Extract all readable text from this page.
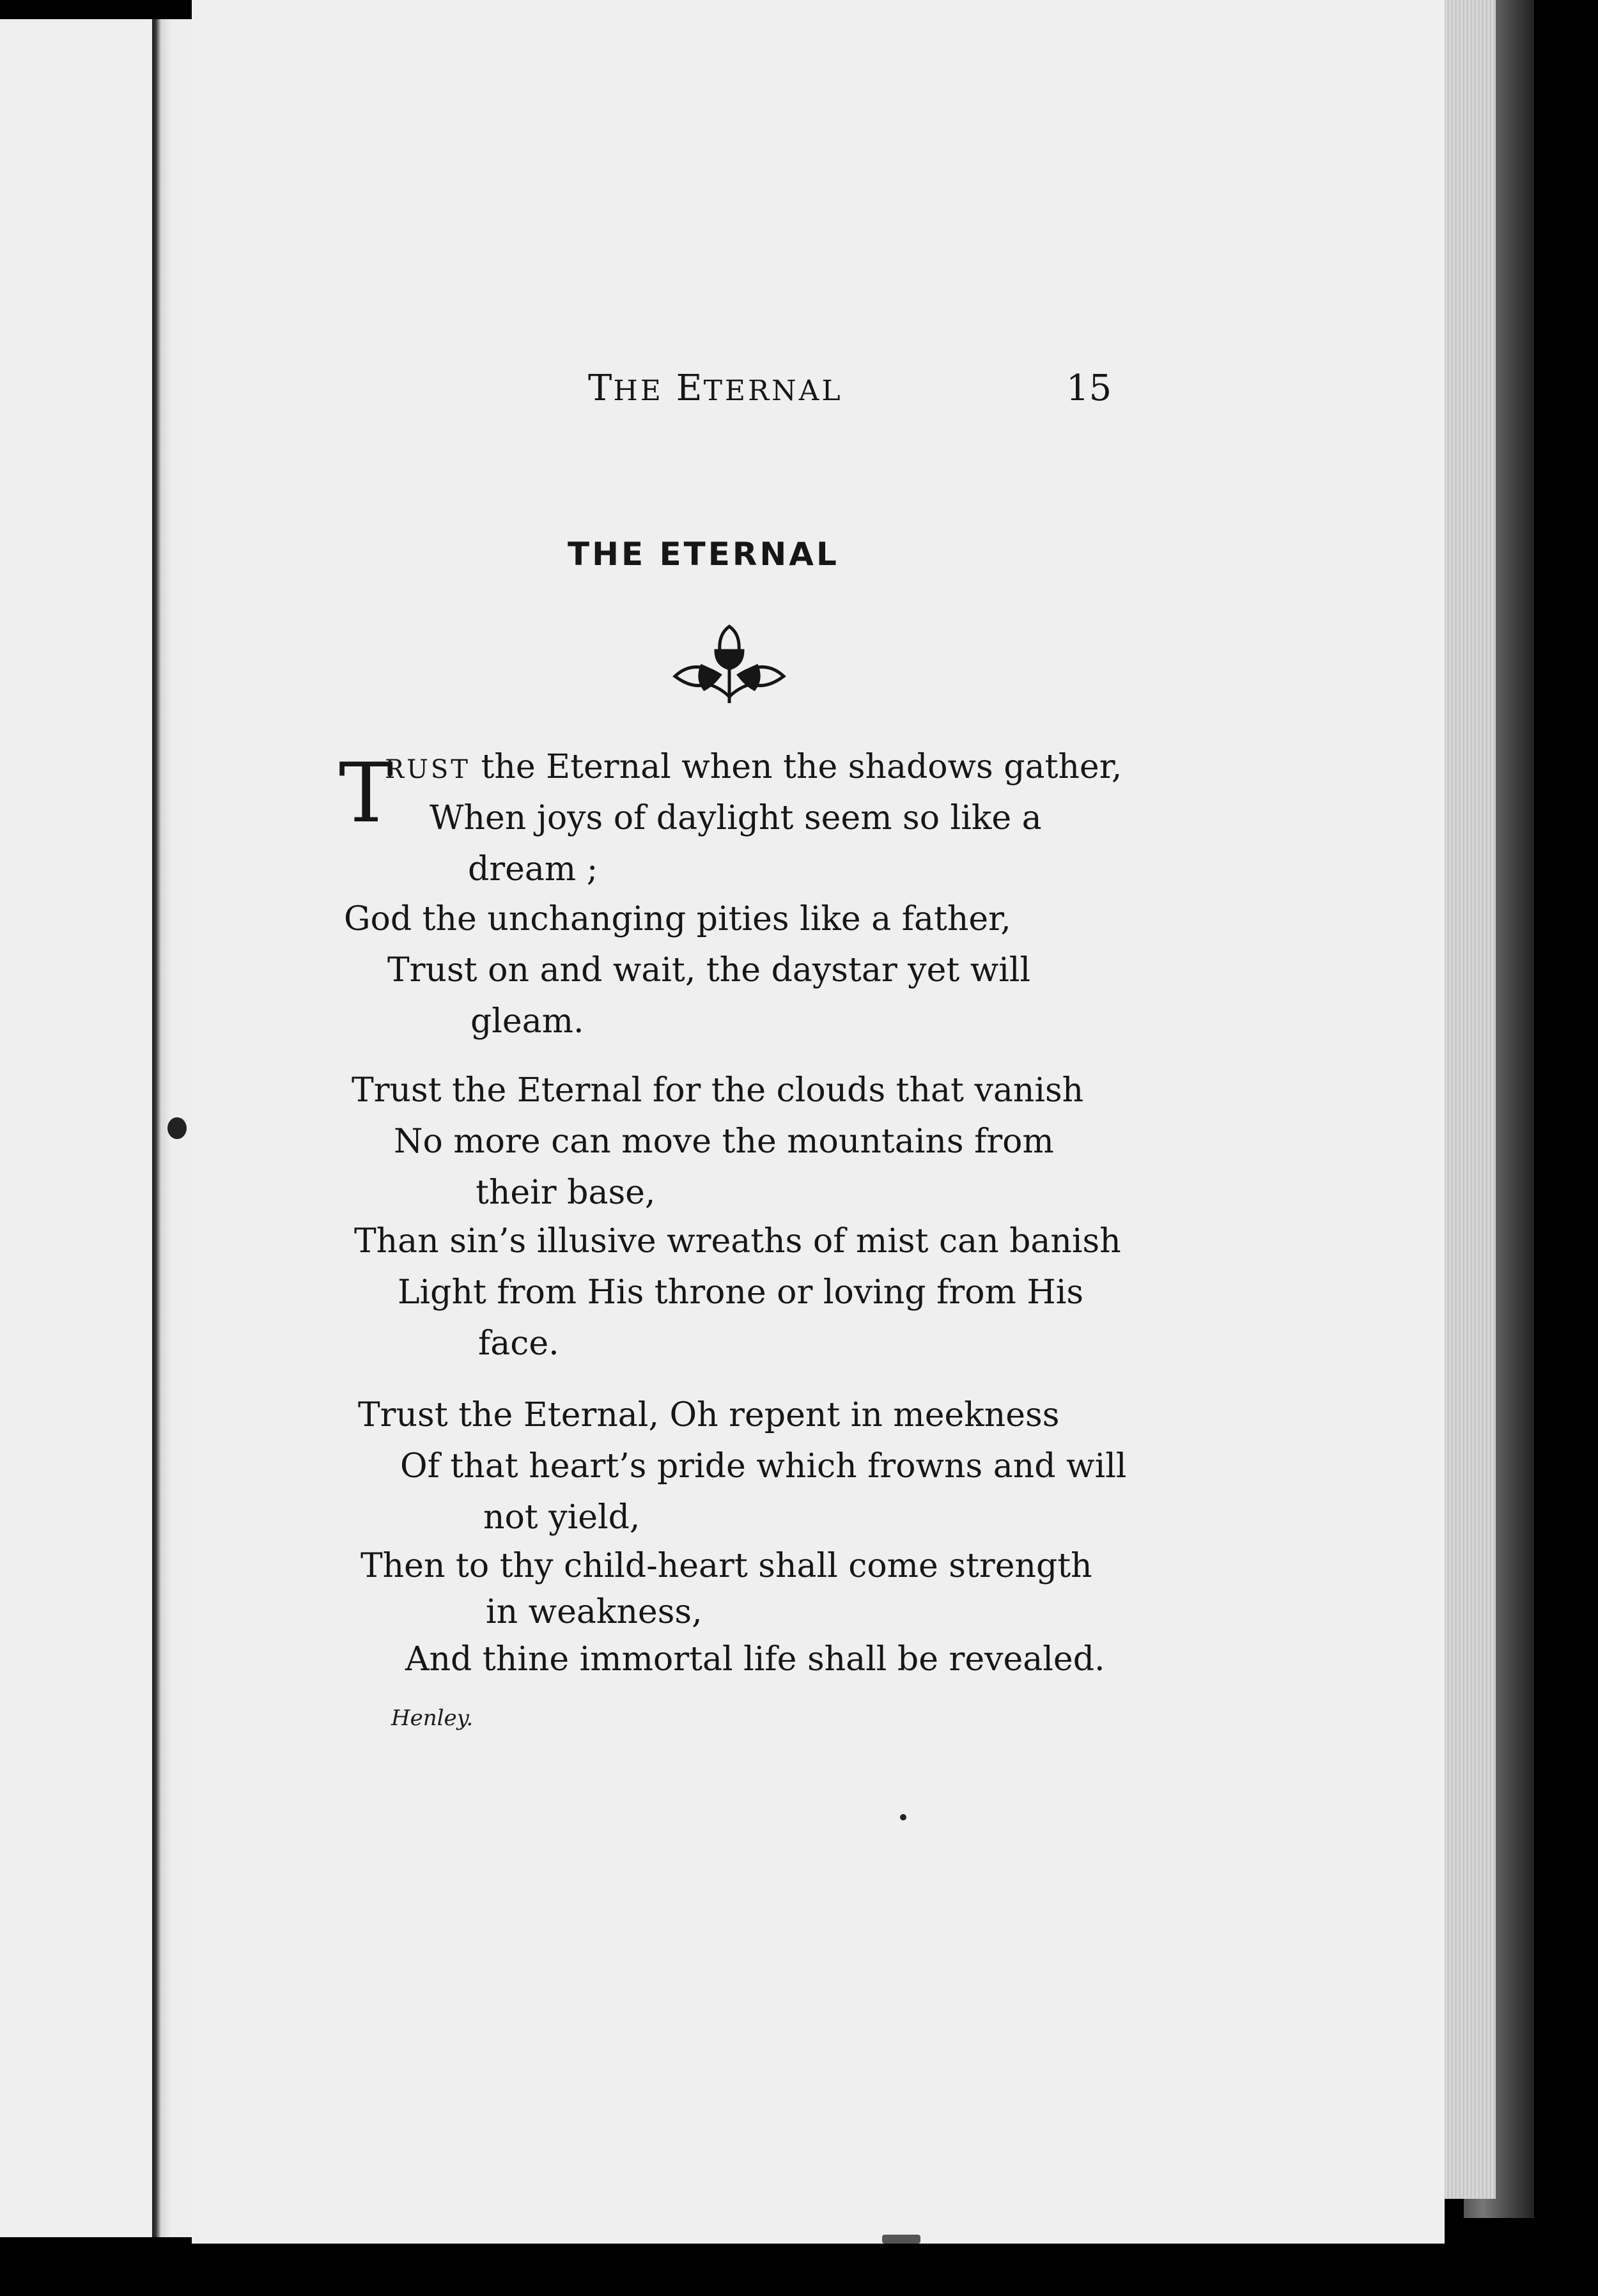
THE ETERNAL	15
THE ETERNAL
T
RUST the Eternal when the shadows gather,
When joys of daylight seem so like a
dream ;
God the unchanging pities like a father,
Trust on and wait, the daystar yet will
gleam.
Trust the Eternal for the clouds that vanish
No more can move the mountains from
their base,
Than sin’s illusive wreaths of mist can banish
Light from His throne or loving from His
face.
Trust the Eternal, Oh repent in meekness
Of that heart’s pride which frowns and will
not yield,
Then to thy child-heart shall come strength
in weakness,
And thine immortal life shall be revealed.
Henley.
